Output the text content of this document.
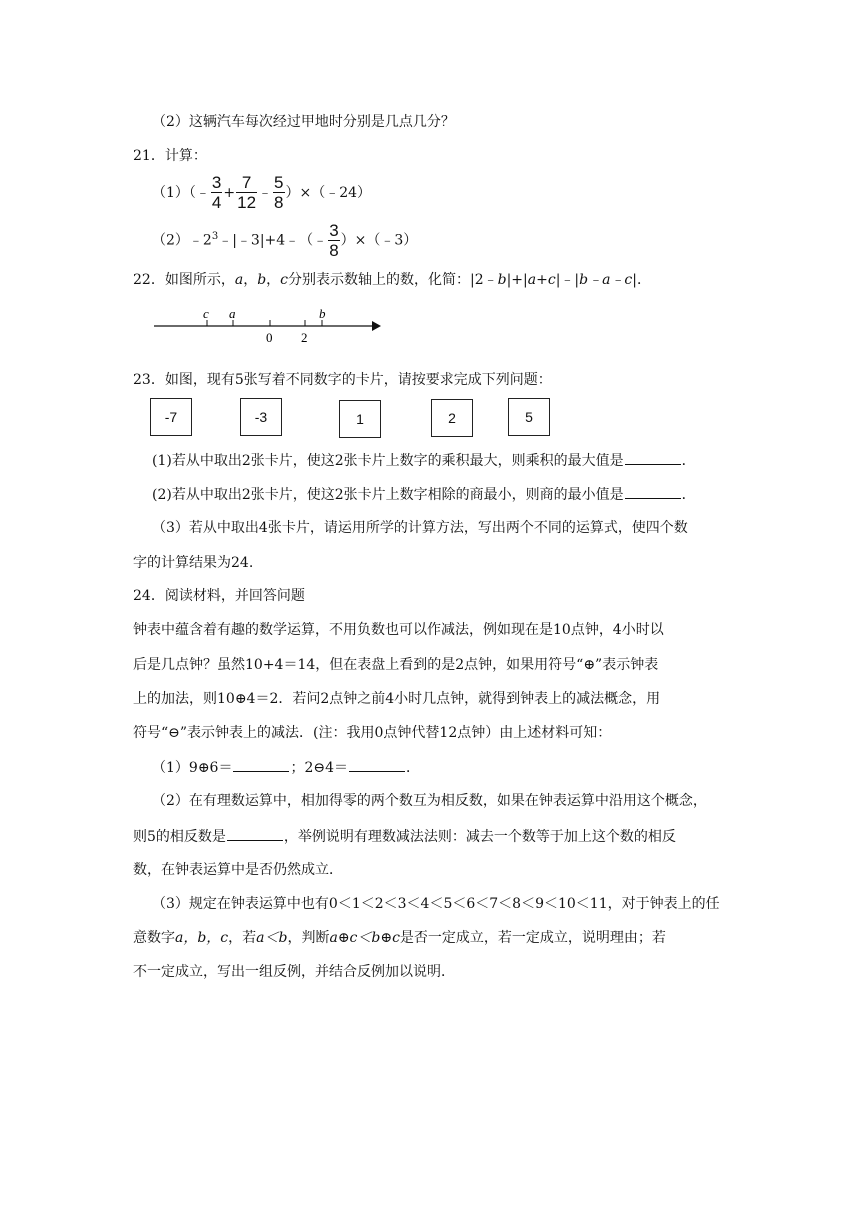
（2）这辆汽车每次经过甲地时分别是几点几分？
21．计算：
（1）（﹣ $\frac{3}{4} + \frac{7}{12}$ ﹣ $\frac{5}{8}$ ）×（﹣24）
$(2)﹣2^3﹣|﹣3|+4﹣(﹣ \frac{3}{8}$ ）×（﹣3）
22．如图所示，a，b，c分别表示数轴上的数，化简：|2﹣b|+|a+c|﹣|b﹣a﹣c|．
c a	b
0 2
23．如图，现有5张写着不同数字的卡片，请按要求完成下列问题：
-7	-3	1	2	5
(1)若从中取出2张卡片，使这2张卡片上数字的乘积最大，则乘积的最大值是	．
(2)若从中取出2张卡片，使这2张卡片上数字相除的商最小，则商的最小值是	．
（3）若从中取出4张卡片，请运用所学的计算方法，写出两个不同的运算式，使四个数
字的计算结果为24.
24．阅读材料，并回答问题
钟表中蕴含着有趣的数学运算，不用负数也可以作减法，例如现在是10点钟，4小时以
后是几点钟？虽然10+4＝14，但在表盘上看到的是2点钟，如果用符号“⊕”表示钟表
上的加法，则10⊕4＝2．若问2点钟之前4小时几点钟，就得到钟表上的减法概念，用
符号“⊖”表示钟表上的减法．(注：我用0点钟代替12点钟）由上述材料可知：
（1）9⊕6＝	；2⊖4＝	．
（2）在有理数运算中，相加得零的两个数互为相反数，如果在钟表运算中沿用这个概念，
则5的相反数是	，举例说明有理数减法法则：减去一个数等于加上这个数的相反
数，在钟表运算中是否仍然成立．
（3）规定在钟表运算中也有0＜1＜2＜3＜4＜5＜6＜7＜8＜9＜10＜11，对于钟表上的任
意数字a，b，c，若a＜b，判断a⊕c＜b⊕c是否一定成立，若一定成立，说明理由；若
不一定成立，写出一组反例，并结合反例加以说明．
